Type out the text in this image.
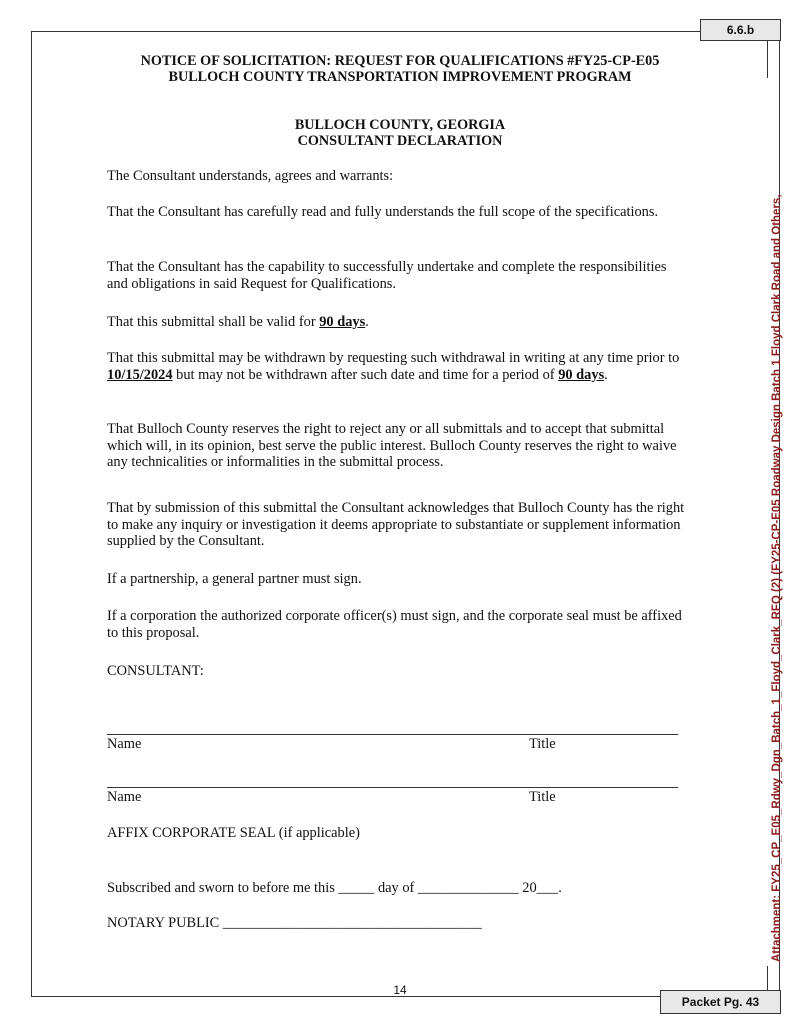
6.6.b
Packet Pg. 43
Attachment: FY25_CP_E05_Rdwy_Dgn_Batch_1_Floyd_Clark_RFQ (2) (FY25-CP-E05 Roadway Design Batch 1 Floyd Clark Road and Others,
NOTICE OF SOLICITATION: REQUEST FOR QUALIFICATIONS #FY25-CP-E05
BULLOCH COUNTY TRANSPORTATION IMPROVEMENT PROGRAM
BULLOCH COUNTY, GEORGIA
CONSULTANT DECLARATION
The Consultant understands, agrees and warrants:
That the Consultant has carefully read and fully understands the full scope of the specifications.
That the Consultant has the capability to successfully undertake and complete the responsibilities and obligations in said Request for Qualifications.
That this submittal shall be valid for 90 days.
That this submittal may be withdrawn by requesting such withdrawal in writing at any time prior to 10/15/2024 but may not be withdrawn after such date and time for a period of 90 days.
That Bulloch County reserves the right to reject any or all submittals and to accept that submittal which will, in its opinion, best serve the public interest. Bulloch County reserves the right to waive any technicalities or informalities in the submittal process.
That by submission of this submittal the Consultant acknowledges that Bulloch County has the right to make any inquiry or investigation it deems appropriate to substantiate or supplement information supplied by the Consultant.
If a partnership, a general partner must sign.
If a corporation the authorized corporate officer(s) must sign, and the corporate seal must be affixed to this proposal.
CONSULTANT:
Name	Title
Name	Title
AFFIX CORPORATE SEAL (if applicable)
Subscribed and sworn to before me this _____ day of ______________ 20___.
NOTARY PUBLIC ____________________________________
14
